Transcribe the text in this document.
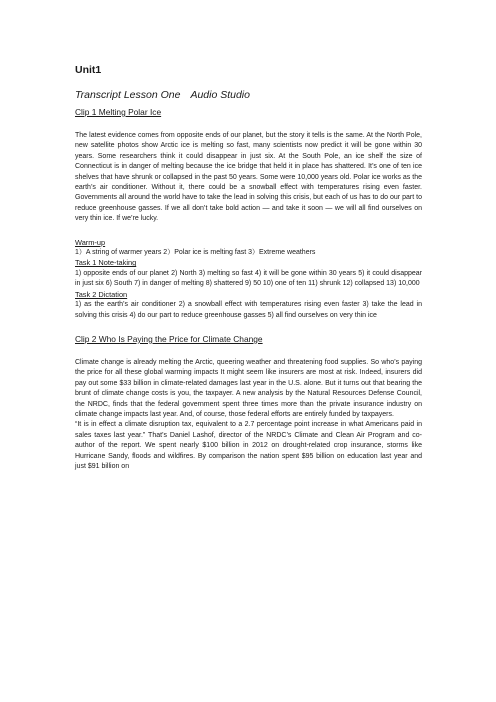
Unit1
Transcript Lesson One Audio Studio
Clip 1 Melting Polar Ice

The latest evidence comes from opposite ends of our planet, but the story it tells is the same. At the North Pole, new satellite photos show Arctic ice is melting so fast, many scientists now predict it will be gone within 30 years. Some researchers think it could disappear in just six. At the South Pole, an ice shelf the size of Connecticut is in danger of melting because the ice bridge that held it in place has shattered. It’s one of ten ice shelves that have shrunk or collapsed in the past 50 years. Some were 10,000 years old. Polar ice works as the earth’s air conditioner. Without it, there could be a snowball effect with temperatures rising even faster. Governments all around the world have to take the lead in solving this crisis, but each of us has to do our part to reduce greenhouse gasses. If we all don’t take bold action — and take it soon — we will all find ourselves on very thin ice. If we’re lucky.

Warm-up

1）A string of warmer years 2）Polar ice is melting fast 3）Extreme weathers

Task 1 Note-taking

1) opposite ends of our planet 2) North 3) melting so fast 4) it will be gone within 30 years 5) it could disappear in just six 6) South 7) in danger of melting 8) shattered 9) 50 10) one of ten 11) shrunk 12) collapsed 13) 10,000

Task 2 Dictation

1) as the earth’s air conditioner 2) a snowball effect with temperatures rising even faster 3) take the lead in solving this crisis 4) do our part to reduce greenhouse gasses 5) all find ourselves on very thin ice

Clip 2 Who Is Paying the Price for Climate Change

Climate change is already melting the Arctic, queering weather and threatening food supplies. So who’s paying the price for all these global warming impacts It might seem like insurers are most at risk. Indeed, insurers did pay out some $33 billion in climate-related damages last year in the U.S. alone. But it turns out that bearing the brunt of climate change costs is you, the taxpayer. A new analysis by the Natural Resources Defense Council, the NRDC, finds that the federal government spent three times more than the private insurance industry on climate change impacts last year. And, of course, those federal efforts are entirely funded by taxpayers.

“It is in effect a climate disruption tax, equivalent to a 2.7 percentage point increase in what Americans paid in sales taxes last year.” That’s Daniel Lashof, director of the NRDC’s Climate and Clean Air Program and co-author of the report. We spent nearly $100 billion in 2012 on drought-related crop insurance, storms like Hurricane Sandy, floods and wildfires. By comparison the nation spent $95 billion on education last year and just $91 billion on
